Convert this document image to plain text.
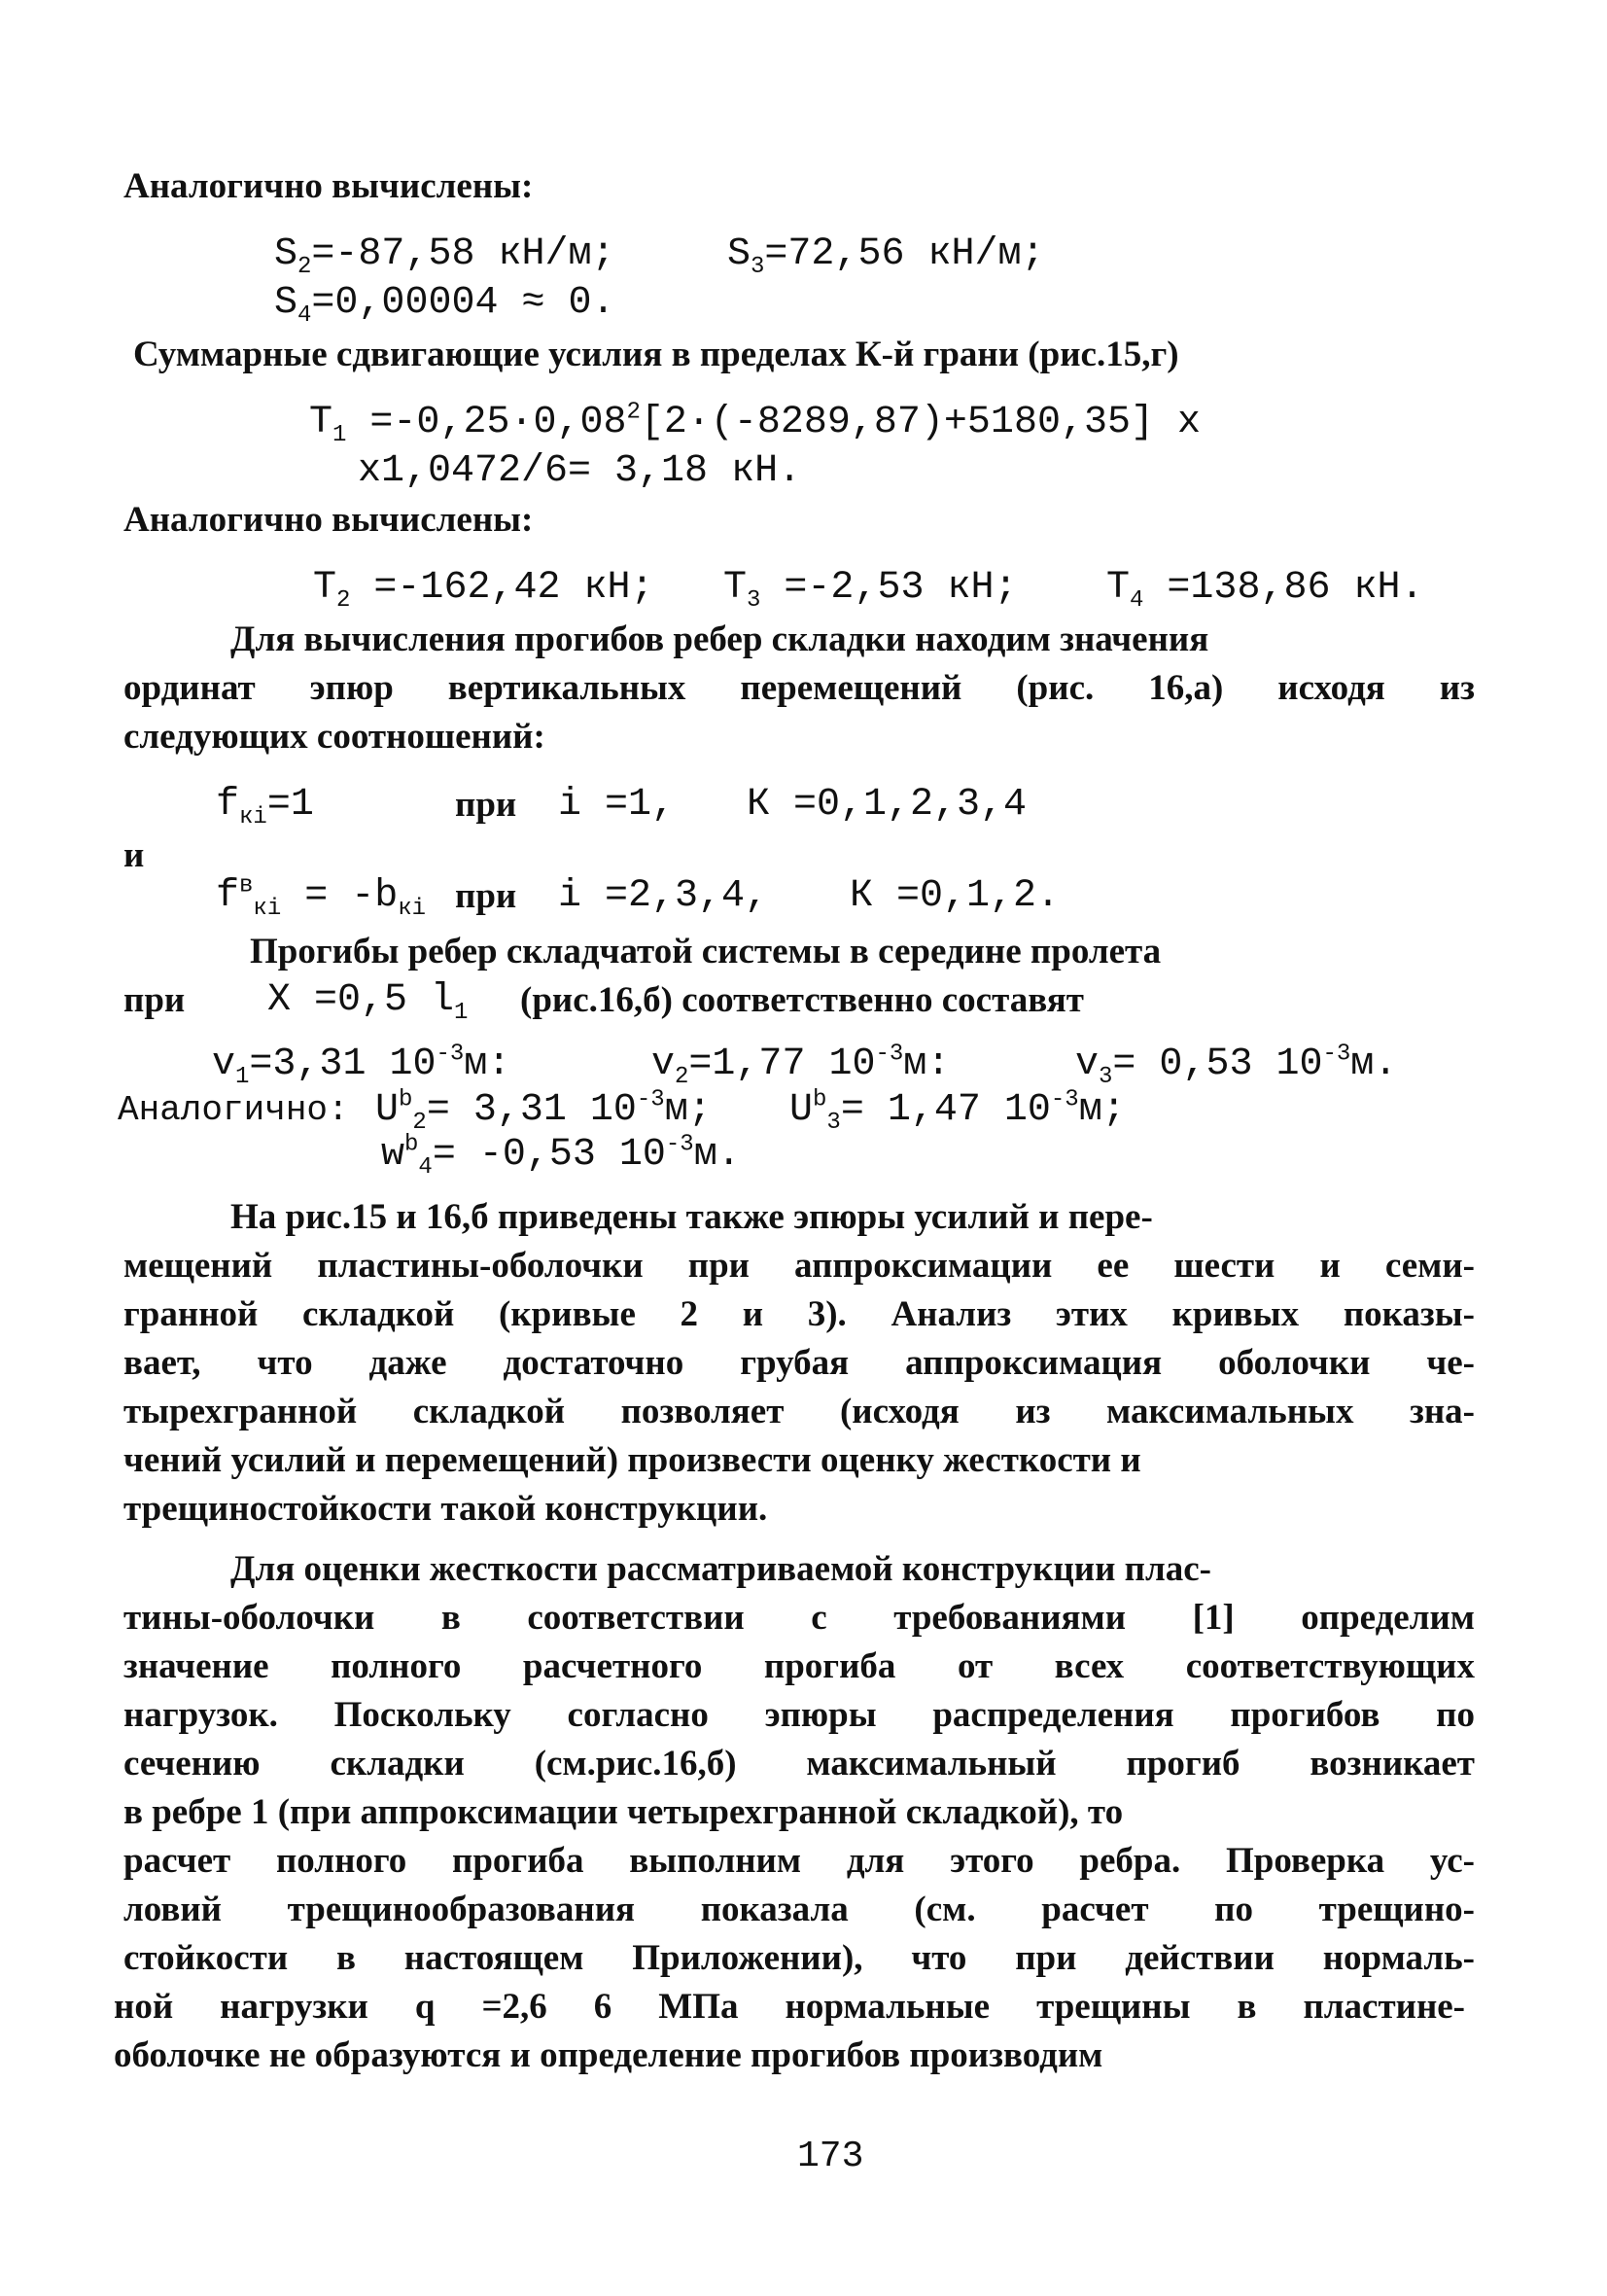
Аналогично вычислены:
$S_2=-87,58$ кН/м;	$S_3=72,56$ кН/м;
$S_4=0,00004 \approx 0$.
Суммарные сдвигающие усилия в пределах К-й грани (рис.15,г)
$T_1 =-0,25\cdot 0,08^2[2\cdot(-8289,87)+5180,35]$ x
x1,0472/6= 3,18 кН.
Аналогично вычислены:
$T_2 =-162,42$ кН; $T_3 =-2,53$ кН; $T_4 =138,86$ кН.
Для вычисления прогибов ребер складки находим значения
ординат эпюр вертикальных перемещений (рис. 16,а) исходя из
следующих соотношений:
$f_{кi}=1$	при i =1, К =0,1,2,3,4
и
$f^в_{кi} = -b_{кi}$ при i =2,3,4, К =0,1,2.
Прогибы ребер складчатой системы в середине пролета
при X =0,5 $l_1$ (рис.16,б) соответственно составят
$v_1=3,31$ $10^{-3}м$:	$v_2=1,77$ $10^{-3}м$:	$v_3= 0,53$ $10^{-3}м$.
Аналогично: $U^b_2= 3,31$ $10^{-3}м$; $U^b_3= 1,47$ $10^{-3}м$;
$w^b_4= -0,53$ $10^{-3}м$.
На рис.15 и 16,б приведены также эпюры усилий и пере-
мещений пластины-оболочки при аппроксимации ее шести и семи-
гранной складкой (кривые 2 и 3). Анализ этих кривых показы-
вает, что даже достаточно грубая аппроксимация оболочки че-
тырехгранной складкой позволяет (исходя из максимальных зна-
чений усилий и перемещений) произвести оценку жесткости и
трещиностойкости такой конструкции.
Для оценки жесткости рассматриваемой конструкции плас-
тины-оболочки в соответствии с требованиями [1] определим
значение полного расчетного прогиба от всех соответствующих
нагрузок. Поскольку согласно эпюры распределения прогибов по
сечению складки (см.рис.16,б) максимальный прогиб возникает
в ребре 1 (при аппроксимации четырехгранной складкой), то
расчет полного прогиба выполним для этого ребра. Проверка ус-
ловий трещинообразования показала (см. расчет по трещино-
стойкости в настоящем Приложении), что при действии нормаль-
ной нагрузки q =2,6 6 МПа нормальные трещины в пластине-
оболочке не образуются и определение прогибов производим
173
